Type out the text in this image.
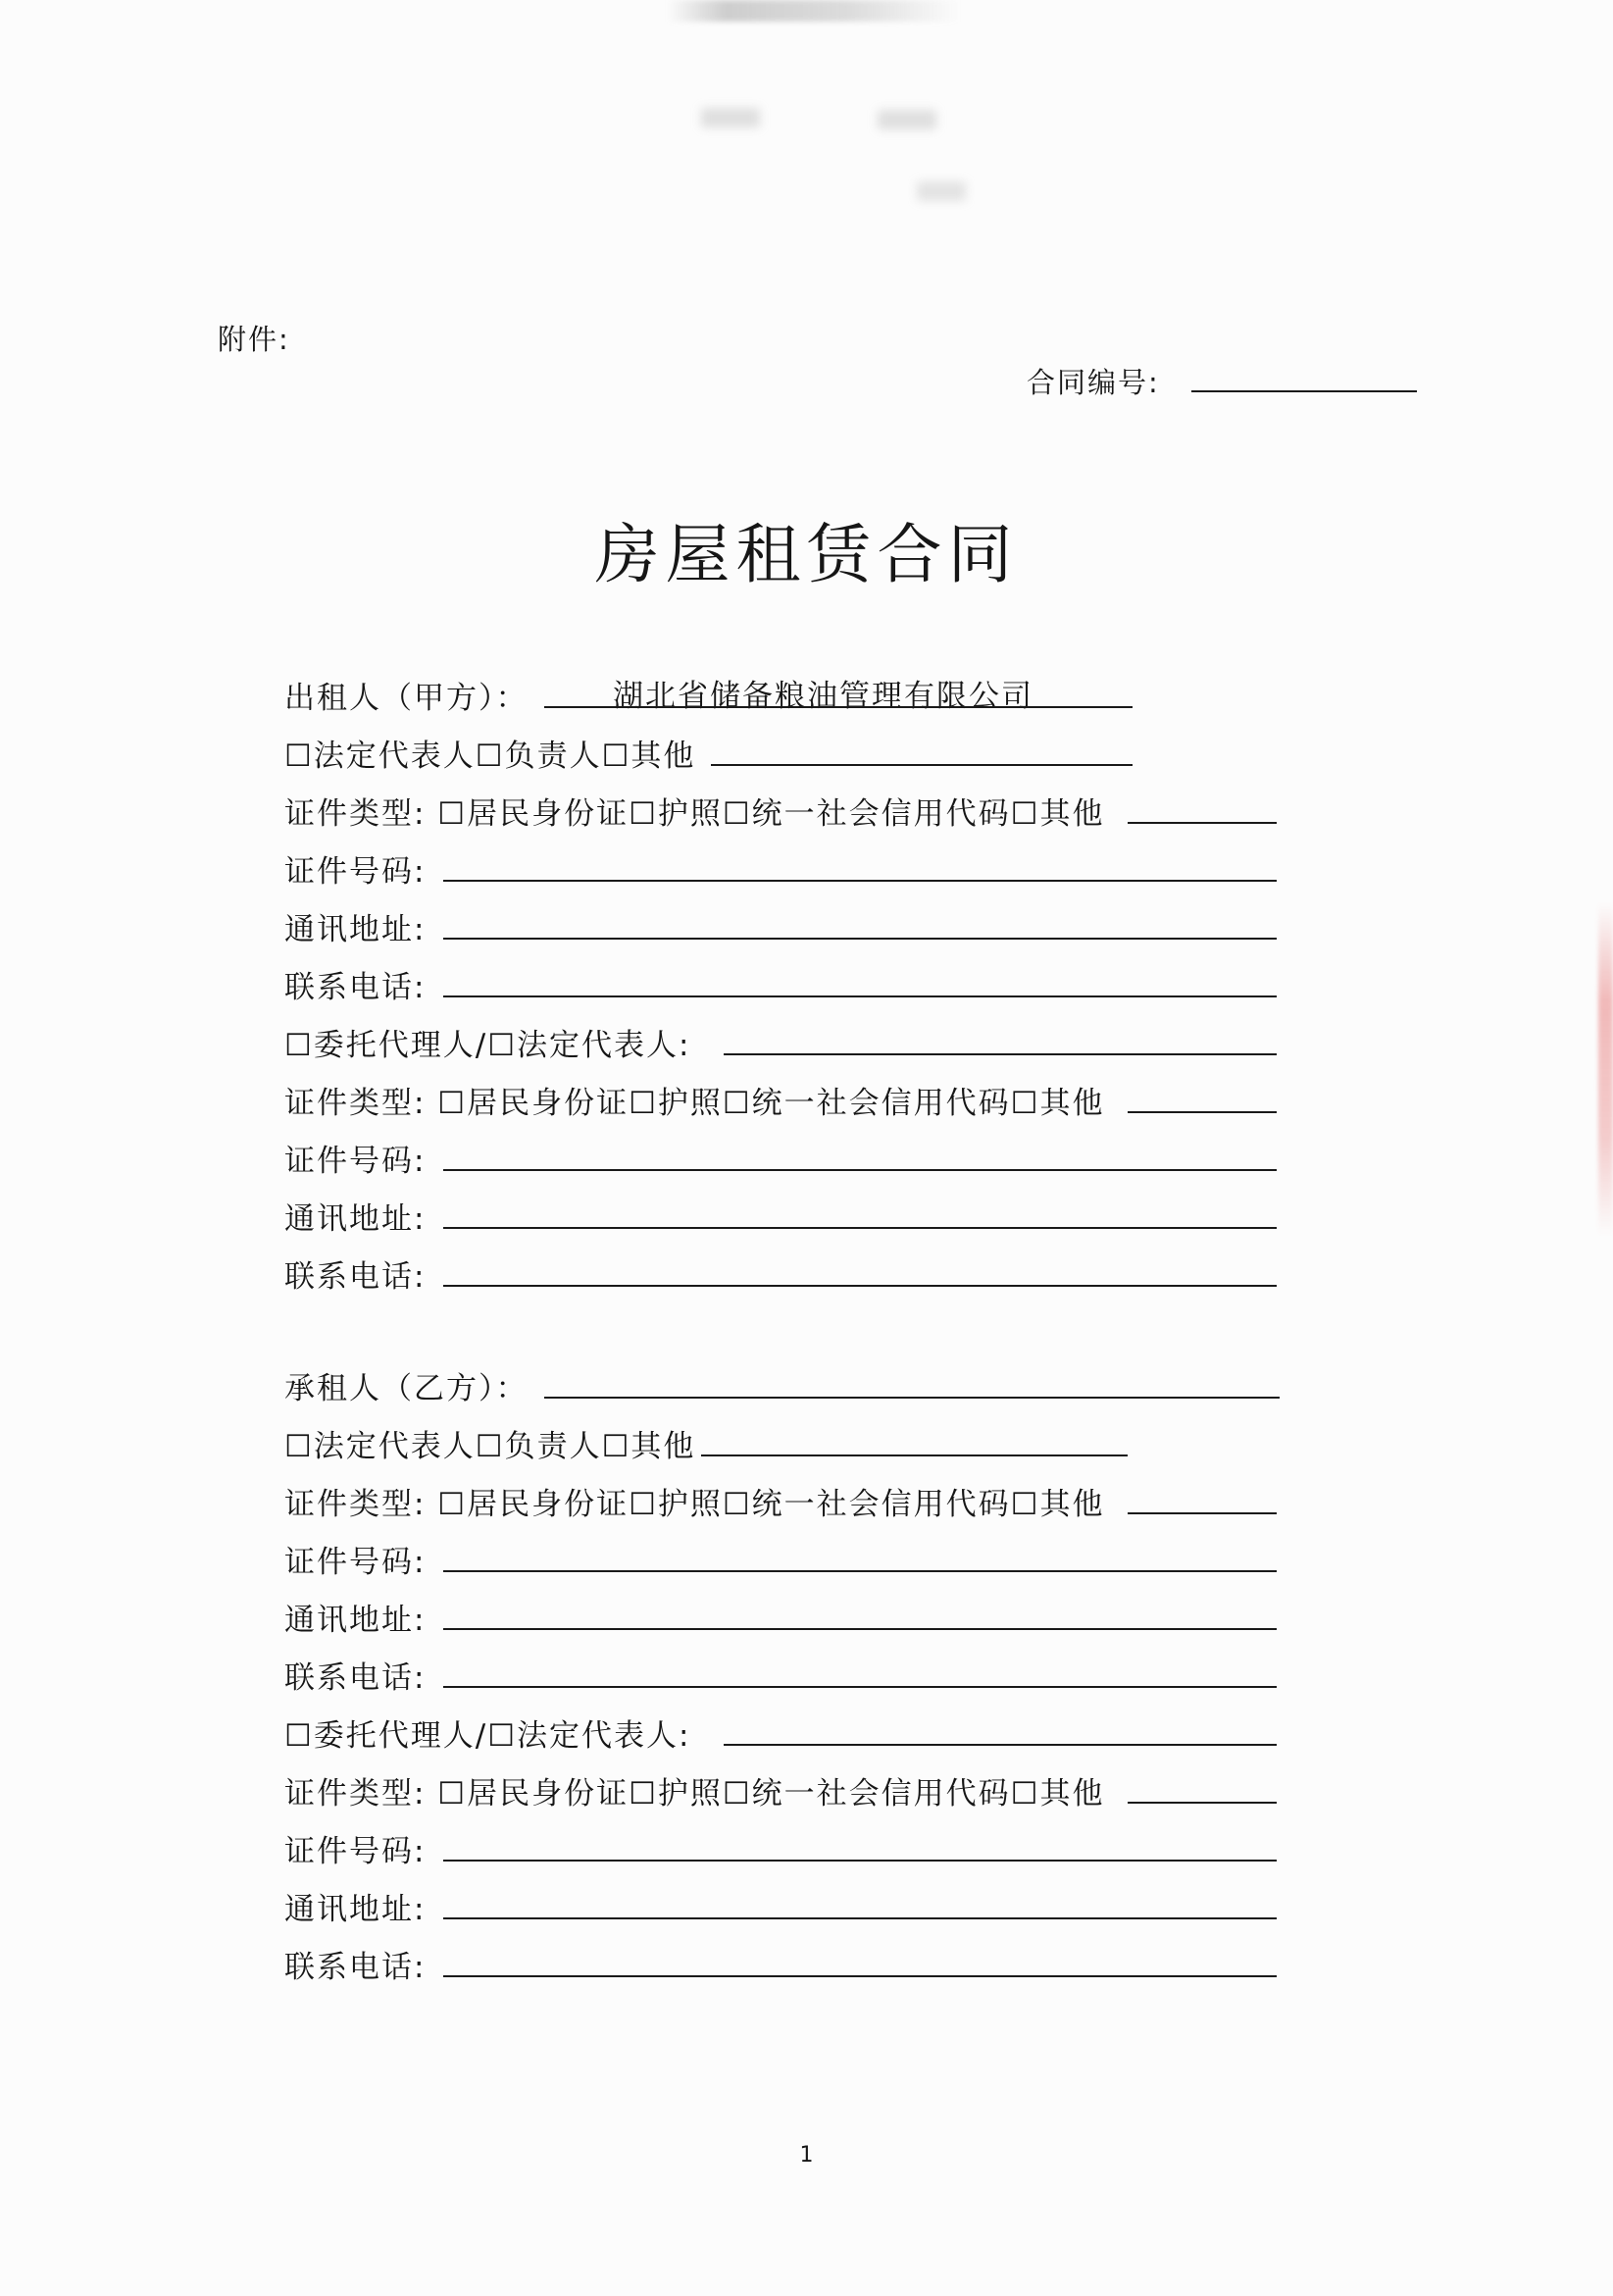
附件:
合同编号:
房屋租赁合同
出租人（甲方）：	湖北省储备粮油管理有限公司
☐法定代表人☐负责人☐其他
证件类型: ☐居民身份证☐护照☐统一社会信用代码☐其他
证件号码:
通讯地址:
联系电话:
☐委托代理人/☐法定代表人:
证件类型: ☐居民身份证☐护照☐统一社会信用代码☐其他
证件号码:
通讯地址:
联系电话:
承租人（乙方）：
☐法定代表人☐负责人☐其他
证件类型: ☐居民身份证☐护照☐统一社会信用代码☐其他
证件号码:
通讯地址:
联系电话:
☐委托代理人/☐法定代表人:
证件类型: ☐居民身份证☐护照☐统一社会信用代码☐其他
证件号码:
通讯地址:
联系电话:
1
